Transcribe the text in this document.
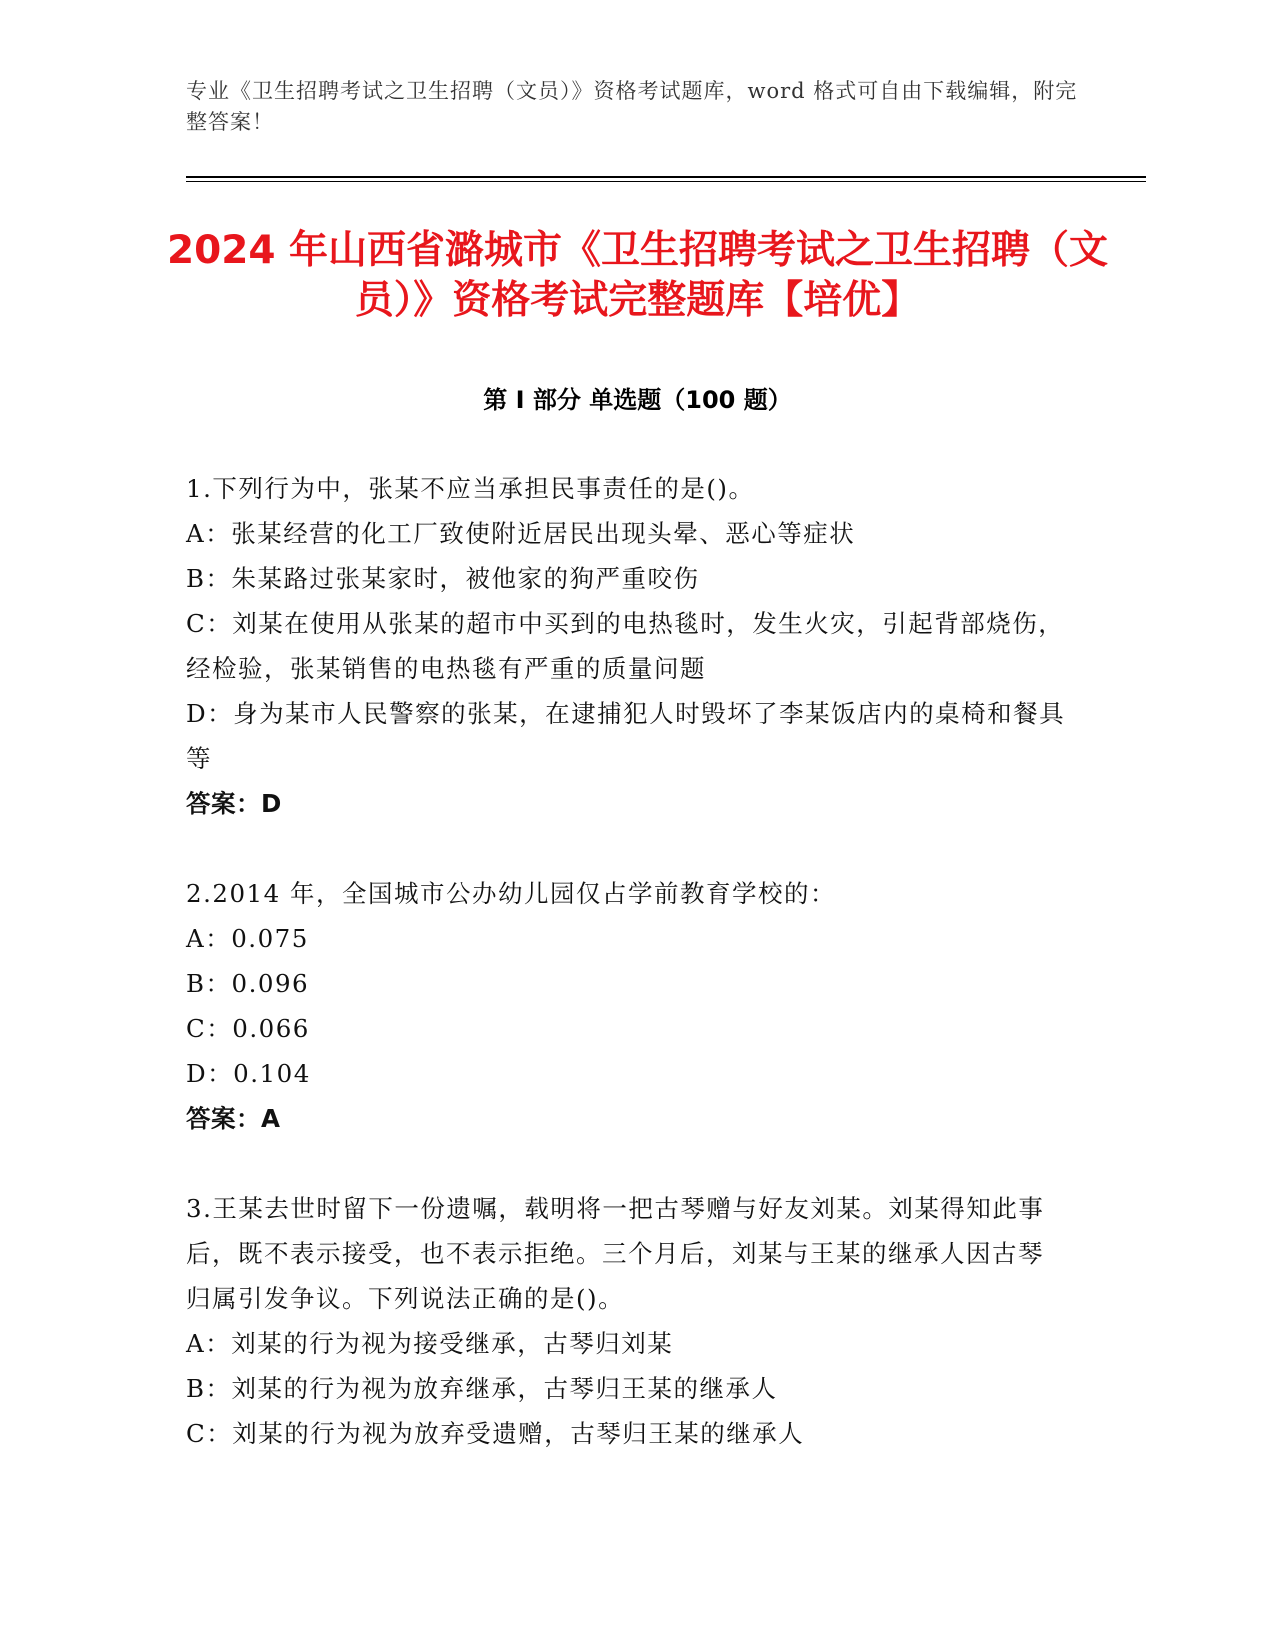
专业《卫生招聘考试之卫生招聘（文员）》资格考试题库，word 格式可自由下载编辑，附完整答案！
2024 年山西省潞城市《卫生招聘考试之卫生招聘（文员）》资格考试完整题库【培优】
第 I 部分 单选题（100 题）

1.下列行为中，张某不应当承担民事责任的是()。

A：张某经营的化工厂致使附近居民出现头晕、恶心等症状

B：朱某路过张某家时，被他家的狗严重咬伤

C：刘某在使用从张某的超市中买到的电热毯时，发生火灾，引起背部烧伤，经检验，张某销售的电热毯有严重的质量问题

D：身为某市人民警察的张某，在逮捕犯人时毁坏了李某饭店内的桌椅和餐具等

答案：D

2.2014 年，全国城市公办幼儿园仅占学前教育学校的：

A：0.075

B：0.096

C：0.066

D：0.104

答案：A

3.王某去世时留下一份遗嘱，载明将一把古琴赠与好友刘某。刘某得知此事后，既不表示接受，也不表示拒绝。三个月后，刘某与王某的继承人因古琴归属引发争议。下列说法正确的是()。

A：刘某的行为视为接受继承，古琴归刘某

B：刘某的行为视为放弃继承，古琴归王某的继承人

C：刘某的行为视为放弃受遗赠，古琴归王某的继承人
